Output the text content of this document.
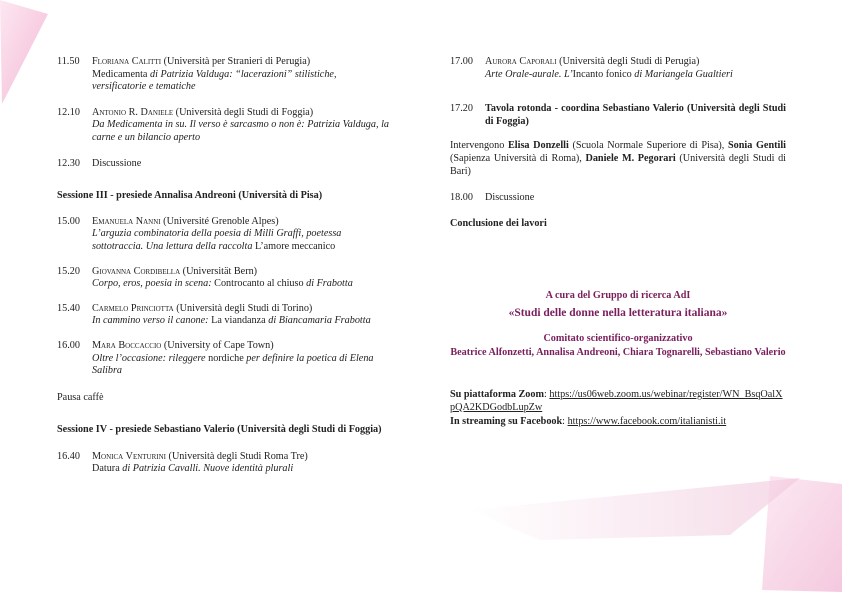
11.50 Floriana Calitti (Università per Stranieri di Perugia)
Medicamenta di Patrizia Valduga: “lacerazioni” stilistiche, versificatorie e tematiche
12.10 Antonio R. Daniele (Università degli Studi di Foggia)
Da Medicamenta in su. Il verso è sarcasmo o non è: Patrizia Valduga, la carne e un bilancio aperto
12.30 Discussione
Sessione III - presiede Annalisa Andreoni (Università di Pisa)
15.00 Emanuela Nanni (Université Grenoble Alpes)
L’arguzia combinatoria della poesia di Milli Graffi, poetessa sottotraccia. Una lettura della raccolta L’amore meccanico
15.20 Giovanna Cordibella (Universität Bern)
Corpo, eros, poesia in scena: Controcanto al chiuso di Frabotta
15.40 Carmelo Princiotta (Università degli Studi di Torino)
In cammino verso il canone: La viandanza di Biancamaria Frabotta
16.00 Mara Boccaccio (University of Cape Town)
Oltre l’occasione: rileggere nordiche per definire la poetica di Elena Salibra
Pausa caffè
Sessione IV - presiede Sebastiano Valerio (Università degli Studi di Foggia)
16.40 Monica Venturini (Università degli Studi Roma Tre)
Datura di Patrizia Cavalli. Nuove identità plurali
17.00 Aurora Caporali (Università degli Studi di Perugia)
Arte Orale-aurale. L’Incanto fonico di Mariangela Gualtieri
17.20 Tavola rotonda - coordina Sebastiano Valerio (Università degli Studi di Foggia)
Intervengono Elisa Donzelli (Scuola Normale Superiore di Pisa), Sonia Gentili (Sapienza Università di Roma), Daniele M. Pegorari (Università degli Studi di Bari)
18.00 Discussione
Conclusione dei lavori
A cura del Gruppo di ricerca AdI
«Studi delle donne nella letteratura italiana»
Comitato scientifico-organizzativo
Beatrice Alfonzetti, Annalisa Andreoni, Chiara Tognarelli, Sebastiano Valerio
Su piattaforma Zoom: https://us06web.zoom.us/webinar/register/WN_BsqOalXpQA2KDGodbLupZw
In streaming su Facebook: https://www.facebook.com/italianisti.it
